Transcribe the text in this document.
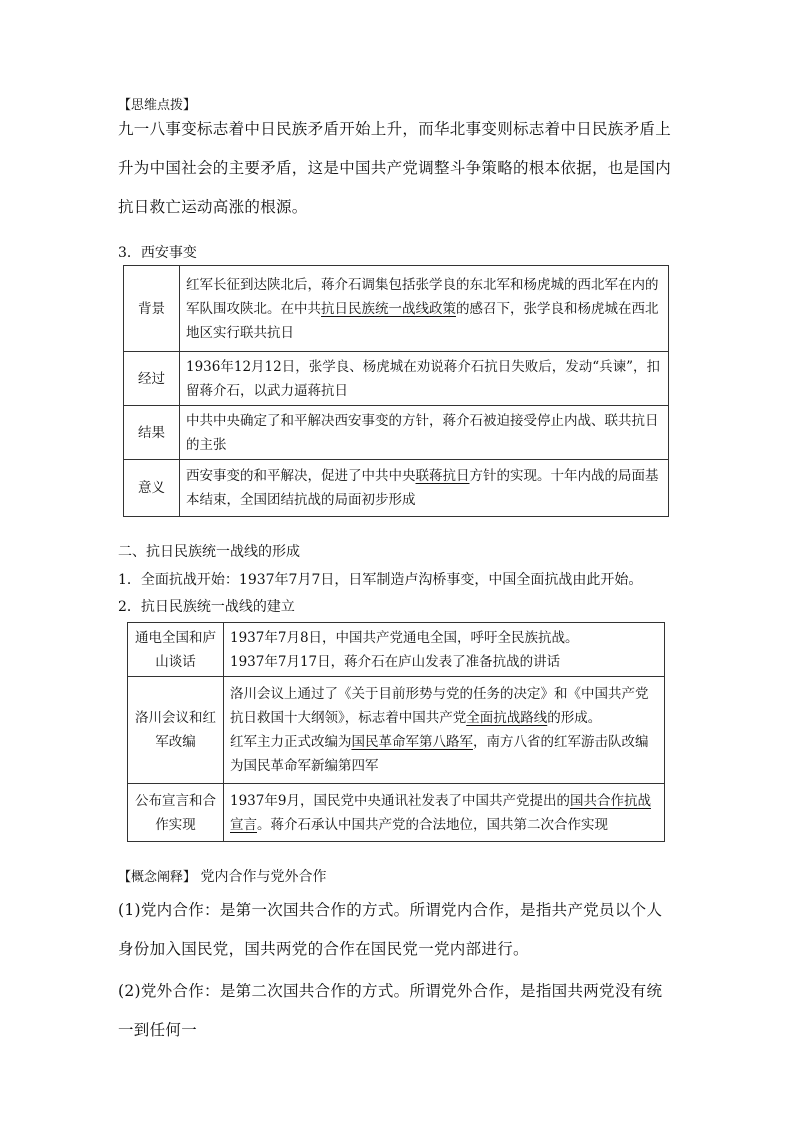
【思维点拨】
九一八事变标志着中日民族矛盾开始上升，而华北事变则标志着中日民族矛盾上升为中国社会的主要矛盾，这是中国共产党调整斗争策略的根本依据，也是国内抗日救亡运动高涨的根源。
3．西安事变
背景	红军长征到达陕北后，蒋介石调集包括张学良的东北军和杨虎城的西北军在内的军队围攻陕北。在中共抗日民族统一战线政策的感召下，张学良和杨虎城在西北地区实行联共抗日
经过	1936年12月12日，张学良、杨虎城在劝说蒋介石抗日失败后，发动“兵谏”，扣留蒋介石，以武力逼蒋抗日
结果	中共中央确定了和平解决西安事变的方针，蒋介石被迫接受停止内战、联共抗日的主张
意义	西安事变的和平解决，促进了中共中央联蒋抗日方针的实现。十年内战的局面基本结束，全国团结抗战的局面初步形成
二、抗日民族统一战线的形成
1．全面抗战开始：1937年7月7日，日军制造卢沟桥事变，中国全面抗战由此开始。
2．抗日民族统一战线的建立
通电全国和庐山谈话	1937年7月8日，中国共产党通电全国，呼吁全民族抗战。
1937年7月17日，蒋介石在庐山发表了准备抗战的讲话

洛川会议和红军改编	洛川会议上通过了《关于目前形势与党的任务的决定》和《中国共产党抗日救国十大纲领》，标志着中国共产党全面抗战路线的形成。
红军主力正式改编为国民革命军第八路军，南方八省的红军游击队改编为国民革命军新编第四军

公布宣言和合作实现	1937年9月，国民党中央通讯社发表了中国共产党提出的国共合作抗战宣言。蒋介石承认中国共产党的合法地位，国共第二次合作实现
【概念阐释】 党内合作与党外合作
(1)党内合作：是第一次国共合作的方式。所谓党内合作，是指共产党员以个人身份加入国民党，国共两党的合作在国民党一党内部进行。
(2)党外合作：是第二次国共合作的方式。所谓党外合作，是指国共两党没有统一到任何一
